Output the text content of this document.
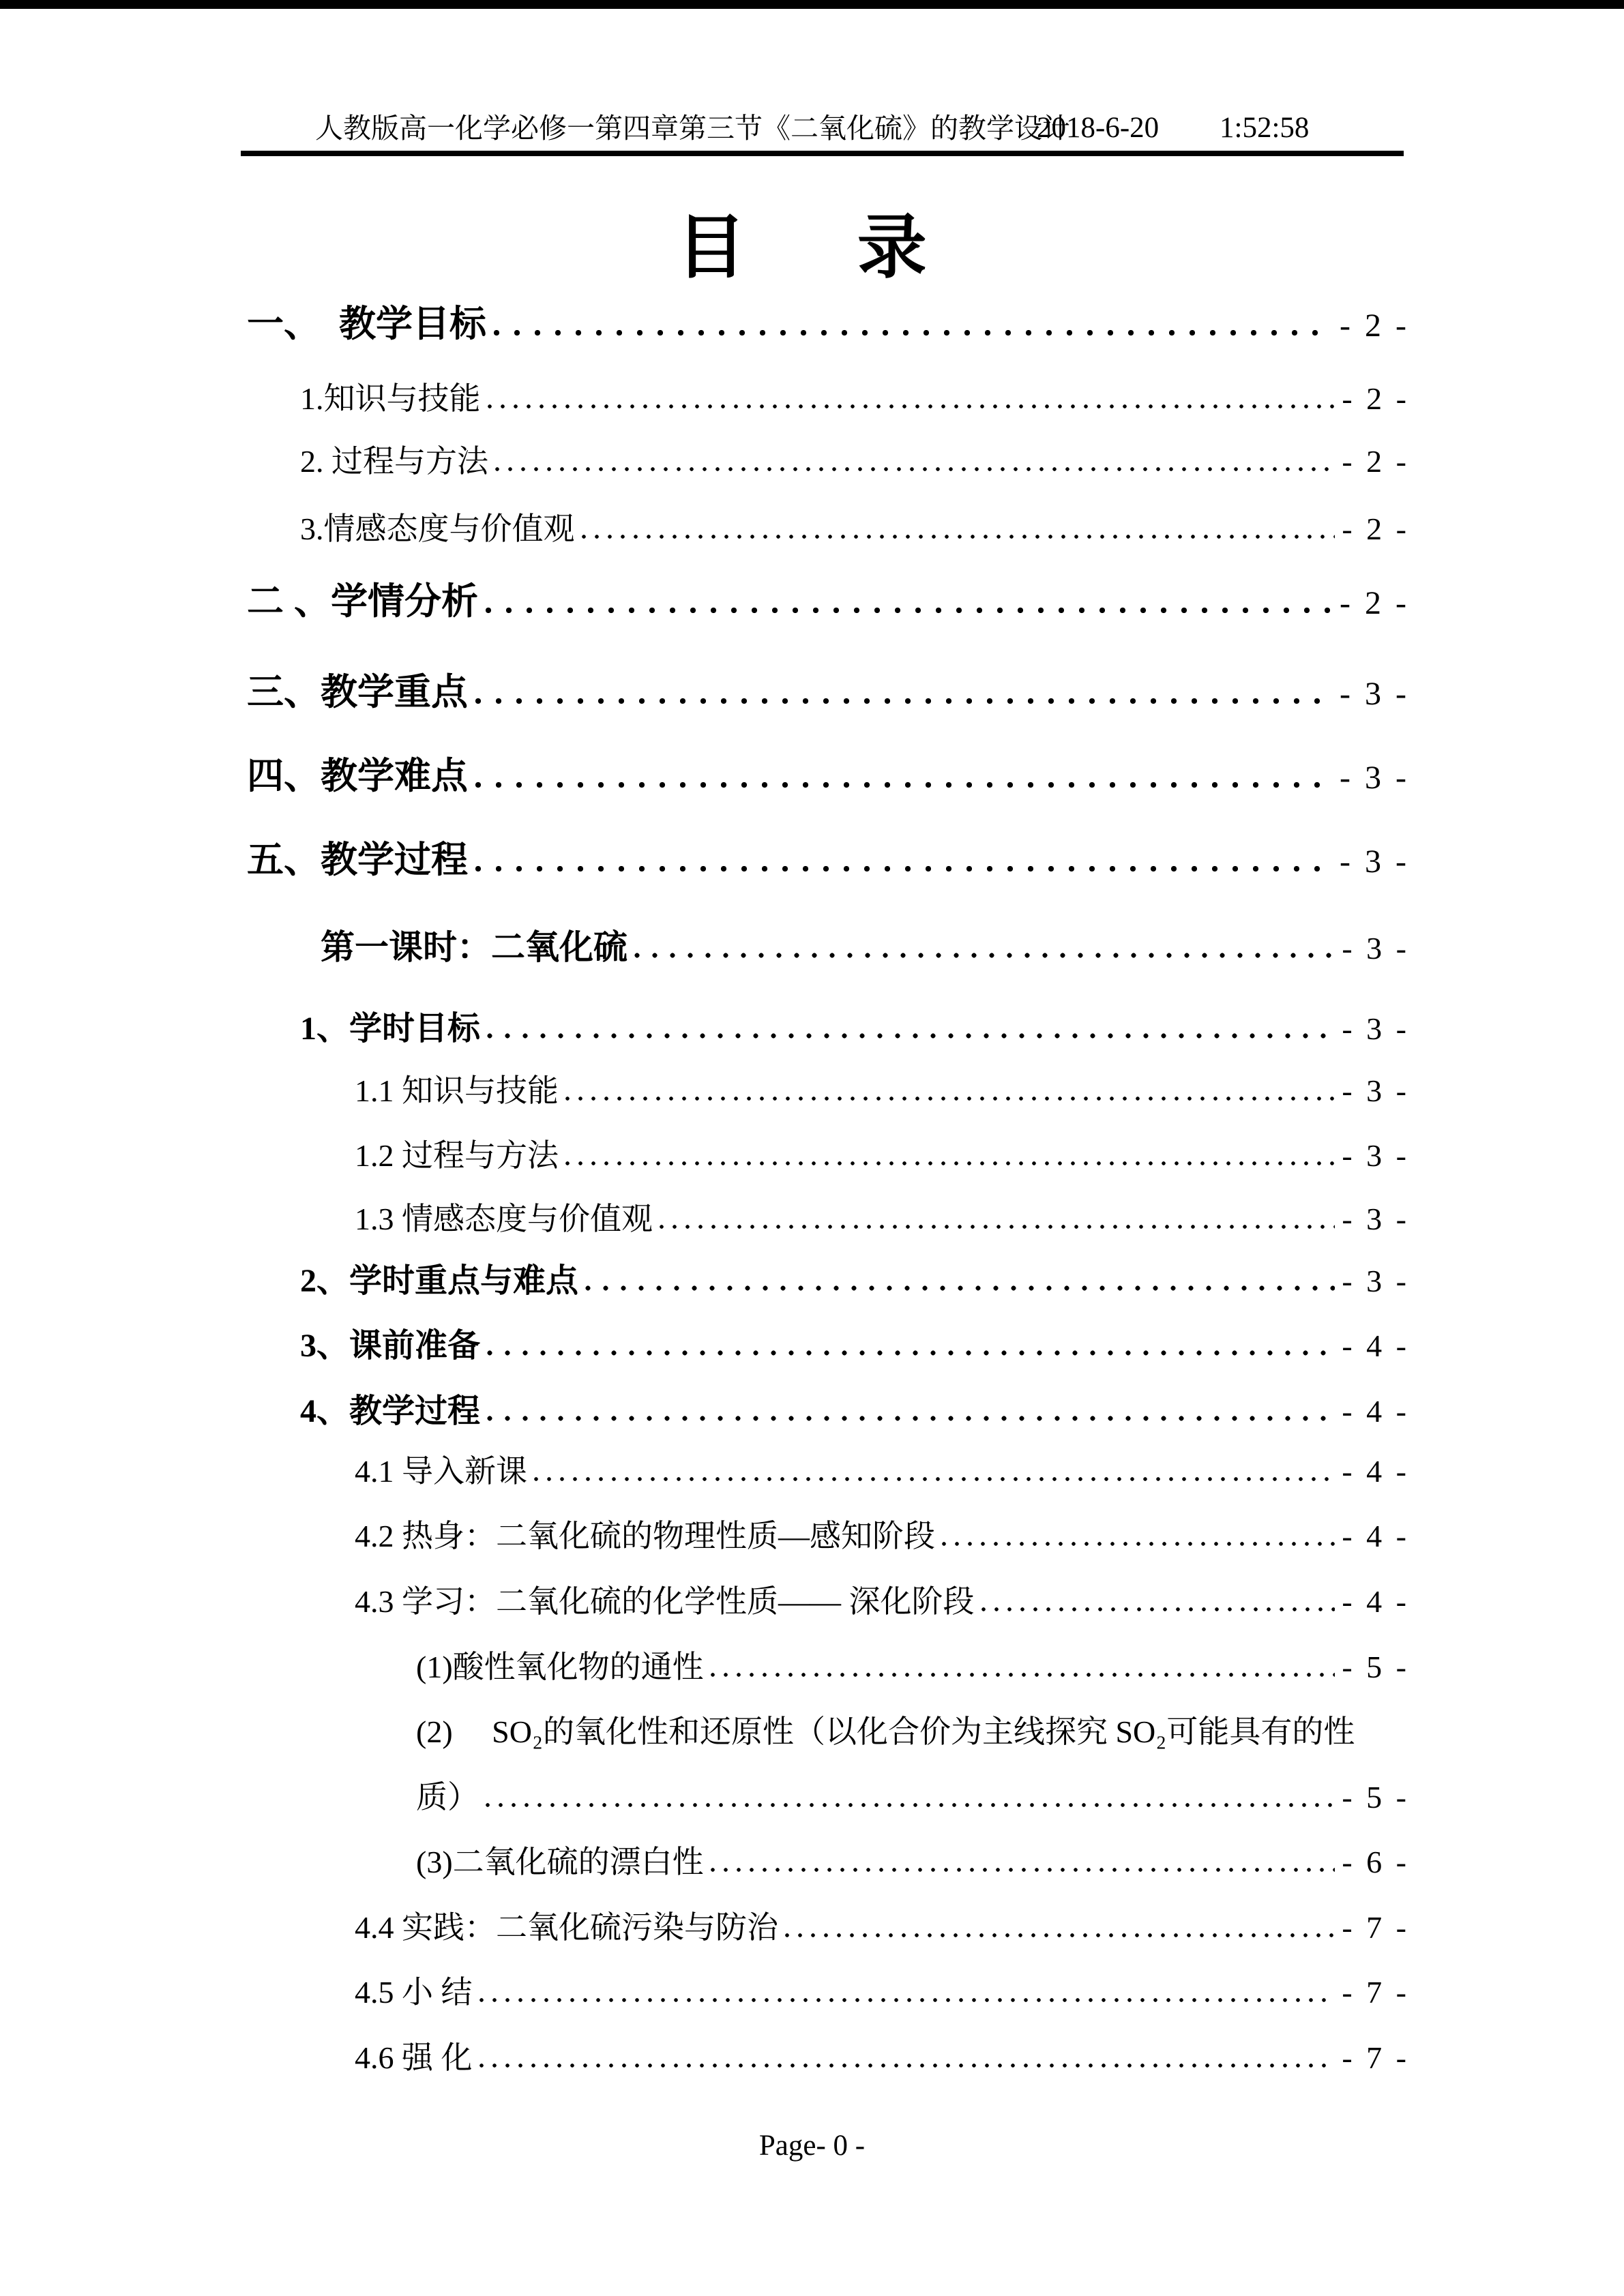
人教版高一化学必修一第四章第三节《二氧化硫》的教学设计
2018-6-20 1:52:58
目　录
一、　教学目标	- 2 -
1.知识与技能	- 2 -
2. 过程与方法	- 2 -
3.情感态度与价值观	- 2 -
二 、学情分析	- 2 -
三、教学重点	- 3 -
四、教学难点	- 3 -
五、教学过程	- 3 -
第一课时：二氧化硫	- 3 -
1、学时目标	- 3 -
1.1 知识与技能	- 3 -
1.2 过程与方法	- 3 -
1.3 情感态度与价值观	- 3 -
2、学时重点与难点	- 3 -
3、课前准备	- 4 -
4、教学过程	- 4 -
4.1 导入新课	- 4 -
4.2 热身：二氧化硫的物理性质—感知阶段	- 4 -
4.3 学习：二氧化硫的化学性质—— 深化阶段	- 4 -
(1)酸性氧化物的通性	- 5 -
(2)　 SO₂的氧化性和还原性（以化合价为主线探究 SO₂可能具有的性
质）	- 5 -
(3)二氧化硫的漂白性	- 6 -
4.4 实践：二氧化硫污染与防治	- 7 -
4.5 小 结	- 7 -
4.6 强 化	- 7 -
Page- 0 -
